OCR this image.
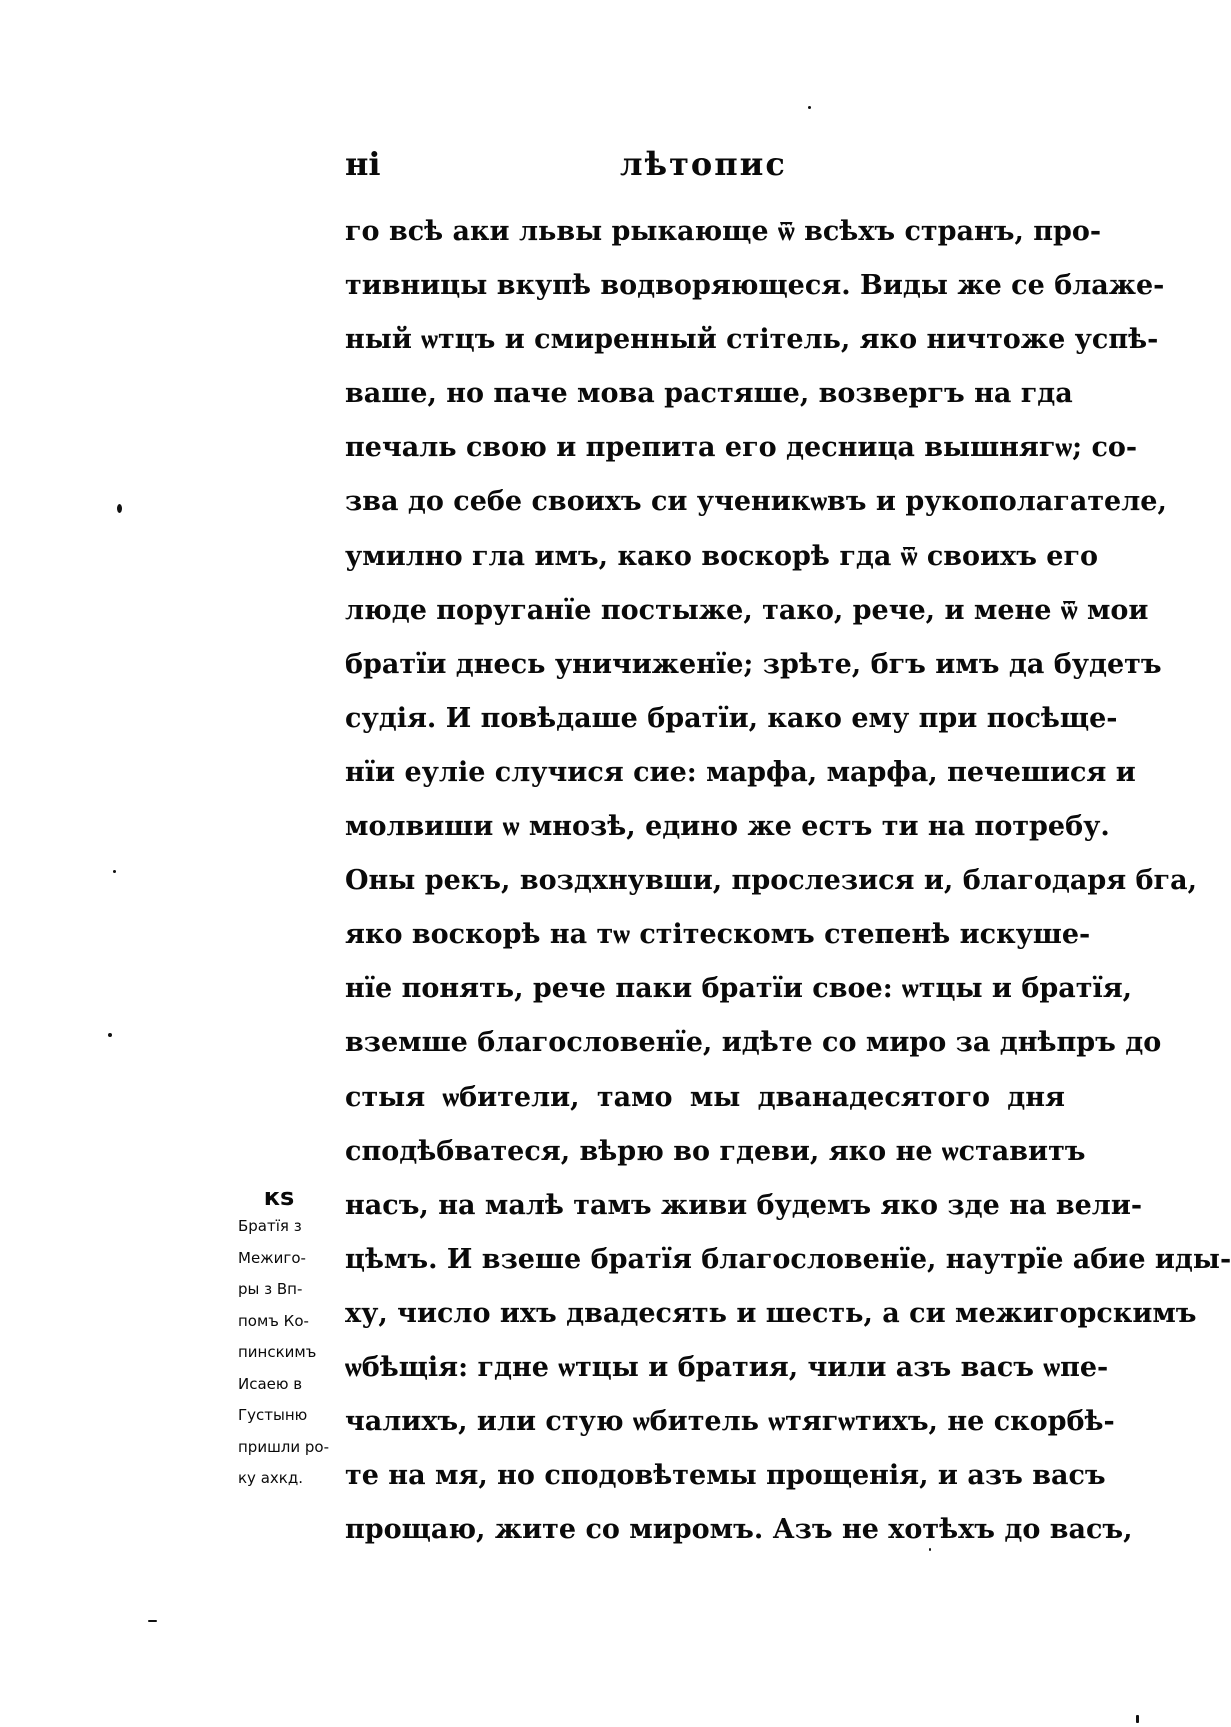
ні	лѣтопис
го всѣ аки львы рыкающе ѿ всѣхъ странъ, про-
тивницы вкупѣ водворяющеся. Виды же се блаже-
ный ѡтцъ и смиренный стітель, яко ничтоже успѣ-
ваше, но паче мова растяше, возвергъ на гда
печаль свою и препита его десница вышнягѡ; со-
зва до себе своихъ си ученикѡвъ и рукополагателе,
умилно гла имъ, како воскорѣ гда ѿ своихъ его
люде поруганїе постыже, тако, рече, и мене ѿ мои
братїи днесь уничиженїе; зрѣте, бгъ имъ да будетъ
судія. И повѣдаше братїи, како ему при посѣще-
нїи еуліе случися сие: марфа, марфа, печешися и
молвиши ѡ мнозѣ, едино же естъ ти на потребу.
Оны рекъ, воздхнувши, прослезися и, благодаря бга,
яко воскорѣ на тѡ стітескомъ степенѣ искуше-
нїе понять, рече паки братїи свое: ѡтцы и братїя,
вземше благословенїе, идѣте со миро за днѣпръ до
стыя ѡбители, тамо мы дванадесятого дня
сподѣбватеся, вѣрю во гдеви, яко не ѡставитъ
насъ, на малѣ тамъ живи будемъ яко зде на вели-
цѣмъ. И взеше братїя благословенїе, наутрїе абие иды-
ху, число ихъ двадесять и шесть, а си межигорскимъ
ѡбѣщія: гдне ѡтцы и братия, чили азъ васъ ѡпе-
чалихъ, или стую ѡбитель ѡтягѡтихъ, не скорбѣ-
те на мя, но сподовѣтемы прощенія, и азъ васъ
прощаю, жите со миромъ. Азъ не хотѣхъ до васъ,
кѕ
Братїя з
Межиго-
ры з Вп-
помъ Ко-
пинскимъ
Исаею в
Густыню
пришли ро-
ку ахкд.
